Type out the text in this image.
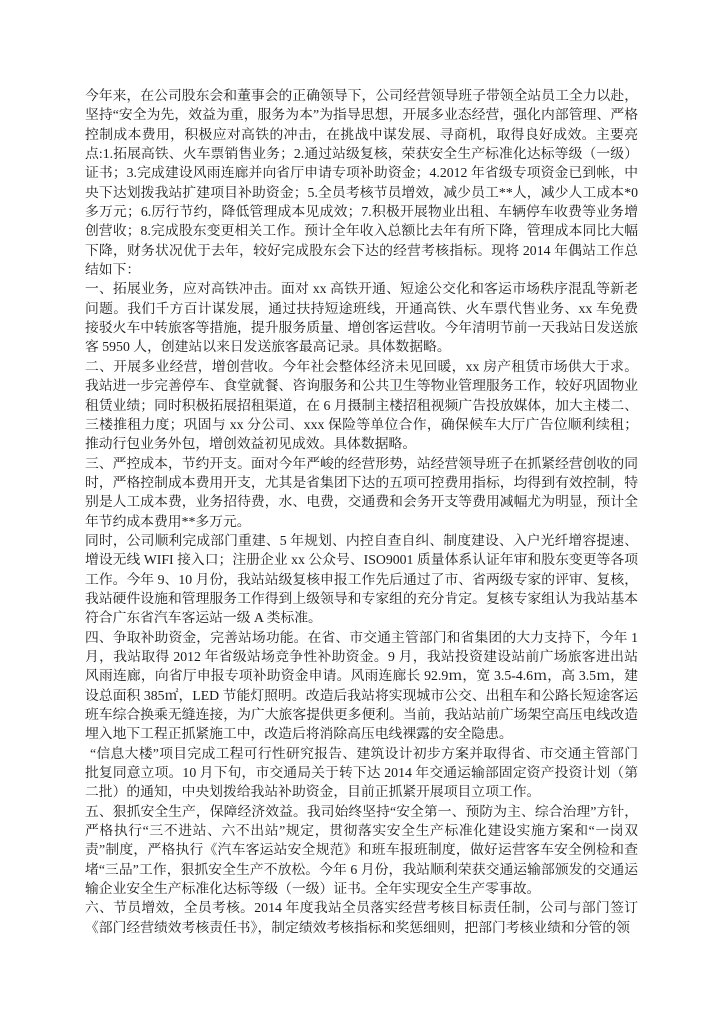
今年来，在公司股东会和董事会的正确领导下，公司经营领导班子带领全站员工全力以赴，坚持“安全为先，效益为重，服务为本”为指导思想，开展多业态经营，强化内部管理、严格控制成本费用，积极应对高铁的冲击，在挑战中谋发展、寻商机，取得良好成效。主要亮点:1.拓展高铁、火车票销售业务；2.通过站级复核，荣获安全生产标准化达标等级（一级）证书；3.完成建设风雨连廊并向省厅申请专项补助资金；4.2012 年省级专项资金已到帐，中央下达划拨我站扩建项目补助资金；5.全员考核节员增效，减少员工**人，减少人工成本*0 多万元；6.厉行节约，降低管理成本见成效；7.积极开展物业出租、车辆停车收费等业务增创营收；8.完成股东变更相关工作。预计全年收入总额比去年有所下降，管理成本同比大幅下降，财务状况优于去年，较好完成股东会下达的经营考核指标。现将 2014 年偶站工作总结如下：

一、拓展业务，应对高铁冲击。面对 xx 高铁开通、短途公交化和客运市场秩序混乱等新老问题。我们千方百计谋发展，通过扶持短途班线，开通高铁、火车票代售业务、xx 车免费接驳火车中转旅客等措施，提升服务质量、增创客运营收。今年清明节前一天我站日发送旅客 5950 人，创建站以来日发送旅客最高记录。具体数据略。

二、开展多业经营，增创营收。今年社会整体经济未见回暖，xx 房产租赁市场供大于求。我站进一步完善停车、食堂就餐、咨询服务和公共卫生等物业管理服务工作，较好巩固物业租赁业绩；同时积极拓展招租渠道，在 6 月摄制主楼招租视频广告投放媒体，加大主楼二、三楼推租力度；巩固与 xx 分公司、xxx 保险等单位合作，确保候车大厅广告位顺利续租；推动行包业务外包，增创效益初见成效。具体数据略。

三、严控成本，节约开支。面对今年严峻的经营形势，站经营领导班子在抓紧经营创收的同时，严格控制成本费用开支，尤其是省集团下达的五项可控费用指标，均得到有效控制，特别是人工成本费，业务招待费，水、电费，交通费和会务开支等费用减幅尤为明显，预计全年节约成本费用**多万元。

同时，公司顺利完成部门重建、5 年规划、内控自查自纠、制度建设、入户光纤增容提速、增设无线 WIFI 接入口；注册企业 xx 公众号、ISO9001 质量体系认证年审和股东变更等各项工作。今年 9、10 月份，我站站级复核申报工作先后通过了市、省两级专家的评审、复核，我站硬件设施和管理服务工作得到上级领导和专家组的充分肯定。复核专家组认为我站基本符合广东省汽车客运站一级 A 类标准。

四、争取补助资金，完善站场功能。在省、市交通主管部门和省集团的大力支持下，今年 1 月，我站取得 2012 年省级站场竞争性补助资金。9 月，我站投资建设站前广场旅客进出站风雨连廊，向省厅申报专项补助资金申请。风雨连廊长 92.9ｍ，宽 3.5-4.6ｍ，高 3.5ｍ，建设总面积 385㎡，LED 节能灯照明。改造后我站将实现城市公交、出租车和公路长短途客运班车综合换乘无缝连接，为广大旅客提供更多便利。当前，我站站前广场架空高压电线改造埋入地下工程正抓紧施工中，改造后将消除高压电线裸露的安全隐患。

“信息大楼”项目完成工程可行性研究报告、建筑设计初步方案并取得省、市交通主管部门批复同意立项。10 月下旬，市交通局关于转下达 2014 年交通运输部固定资产投资计划（第二批）的通知，中央划拨给我站补助资金，目前正抓紧开展项目立项工作。

五、狠抓安全生产，保障经济效益。我司始终坚持“安全第一、预防为主、综合治理”方针，严格执行“三不进站、六不出站”规定，贯彻落实安全生产标准化建设实施方案和“一岗双责”制度，严格执行《汽车客运站安全规范》和班车报班制度，做好运营客车安全例检和查堵“三品”工作，狠抓安全生产不放松。今年 6 月份，我站顺利荣获交通运输部颁发的交通运输企业安全生产标准化达标等级（一级）证书。全年实现安全生产零事故。

六、节员增效，全员考核。2014 年度我站全员落实经营考核目标责任制，公司与部门签订《部门经营绩效考核责任书》，制定绩效考核指标和奖惩细则，把部门考核业绩和分管的领
